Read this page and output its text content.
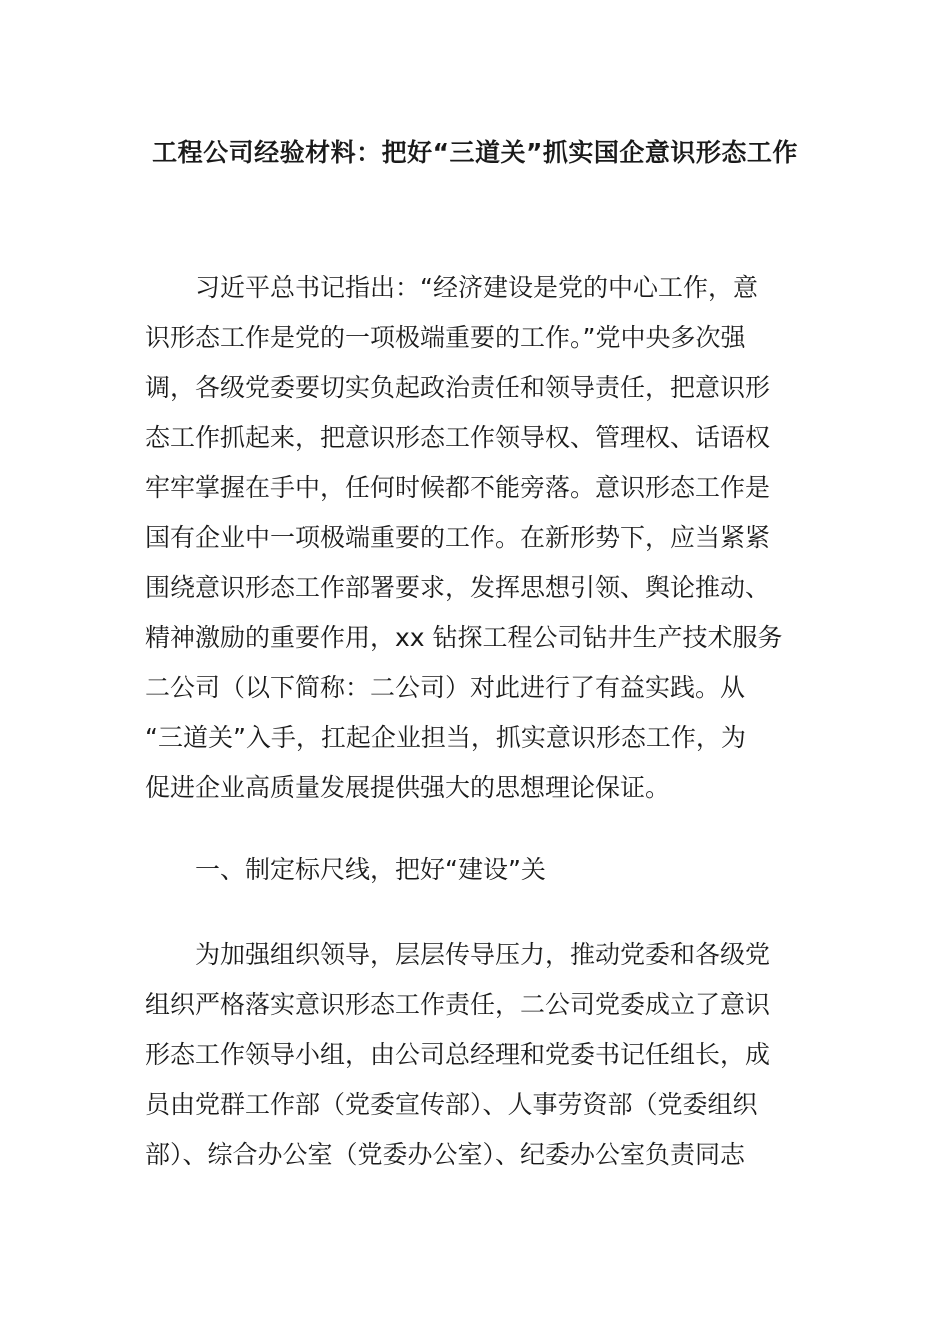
工程公司经验材料：把好“三道关”抓实国企意识形态工作
习近平总书记指出：“经济建设是党的中心工作，意
识形态工作是党的一项极端重要的工作。”党中央多次强
调，各级党委要切实负起政治责任和领导责任，把意识形
态工作抓起来，把意识形态工作领导权、管理权、话语权
牢牢掌握在手中，任何时候都不能旁落。意识形态工作是
国有企业中一项极端重要的工作。在新形势下，应当紧紧
围绕意识形态工作部署要求，发挥思想引领、舆论推动、
精神激励的重要作用，xx 钻探工程公司钻井生产技术服务
二公司（以下简称：二公司）对此进行了有益实践。从
“三道关”入手，扛起企业担当，抓实意识形态工作，为
促进企业高质量发展提供强大的思想理论保证。
一、制定标尺线，把好“建设”关
为加强组织领导，层层传导压力，推动党委和各级党
组织严格落实意识形态工作责任，二公司党委成立了意识
形态工作领导小组，由公司总经理和党委书记任组长，成
员由党群工作部（党委宣传部）、人事劳资部（党委组织
部）、综合办公室（党委办公室）、纪委办公室负责同志
